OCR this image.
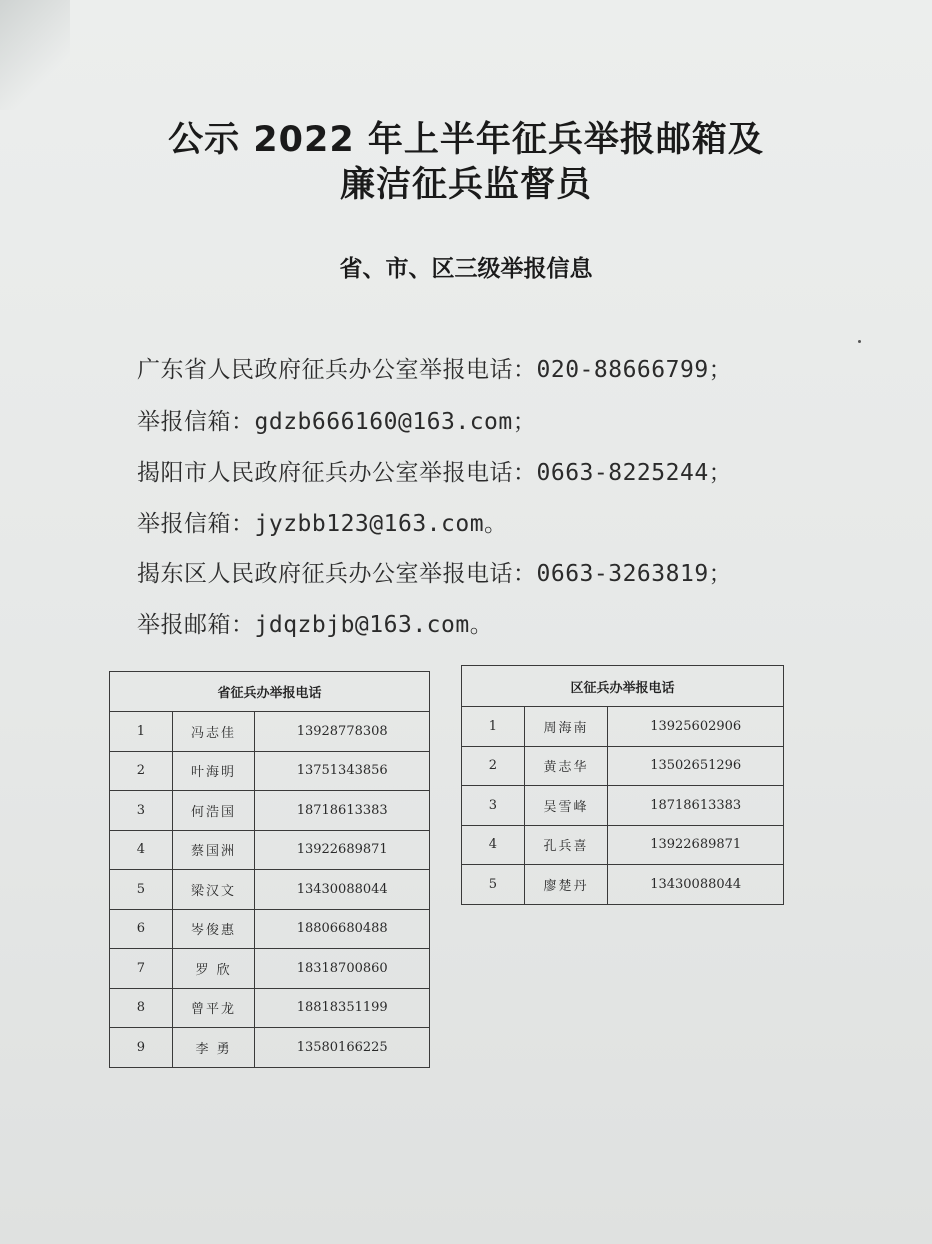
公示 2022 年上半年征兵举报邮箱及
廉洁征兵监督员
省、市、区三级举报信息
广东省人民政府征兵办公室举报电话：020-88666799；
举报信箱：gdzb666160@163.com；
揭阳市人民政府征兵办公室举报电话：0663-8225244；
举报信箱：jyzbb123@163.com。
揭东区人民政府征兵办公室举报电话：0663-3263819；
举报邮箱：jdqzbjb@163.com。
省征兵办举报电话		
1	冯志佳	13928778308
2	叶海明	13751343856
3	何浩国	18718613383
4	蔡国洲	13922689871
5	梁汉文	13430088044
6	岑俊惠	18806680488
7	罗 欣	18318700860
8	曾平龙	18818351199
9	李 勇	13580166225
区征兵办举报电话		
1	周海南	13925602906
2	黄志华	13502651296
3	吴雪峰	18718613383
4	孔兵喜	13922689871
5	廖楚丹	13430088044
